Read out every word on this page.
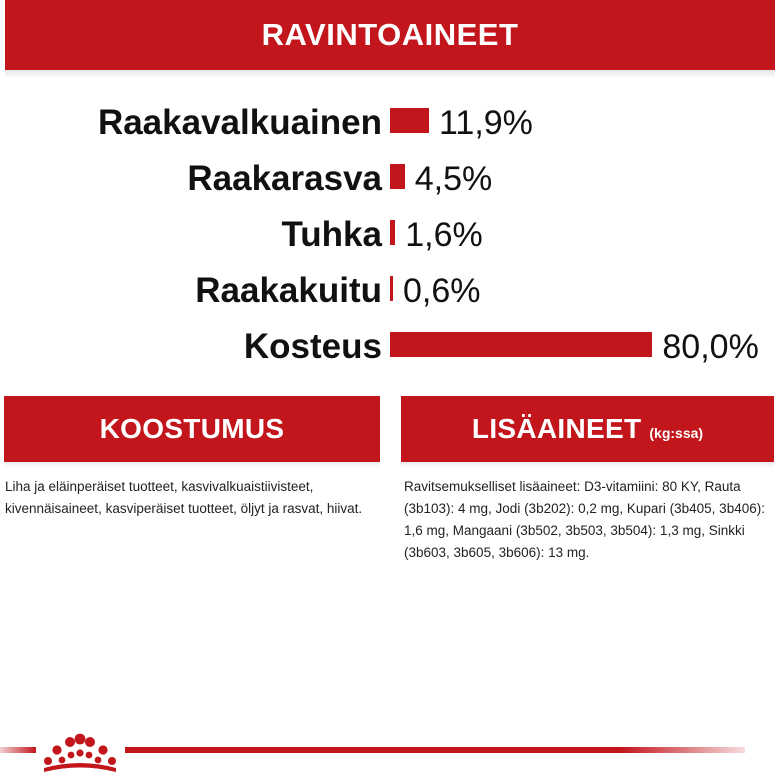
RAVINTOAINEET
Raakavalkuainen 11,9%
Raakarasva 4,5%
Tuhka 1,6%
Raakakuitu 0,6%
Kosteus	80,0%
KOOSTUMUS
Liha ja eläinperäiset tuotteet, kasvivalkuaistiivisteet, kivennäisaineet, kasviperäiset tuotteet, öljyt ja rasvat, hiivat.
LISÄAINEET (kg:ssa)
Ravitsemukselliset lisäaineet: D3-vitamiini: 80 KY, Rauta (3b103): 4 mg, Jodi (3b202): 0,2 mg, Kupari (3b405, 3b406): 1,6 mg, Mangaani (3b502, 3b503, 3b504): 1,3 mg, Sinkki (3b603, 3b605, 3b606): 13 mg.
